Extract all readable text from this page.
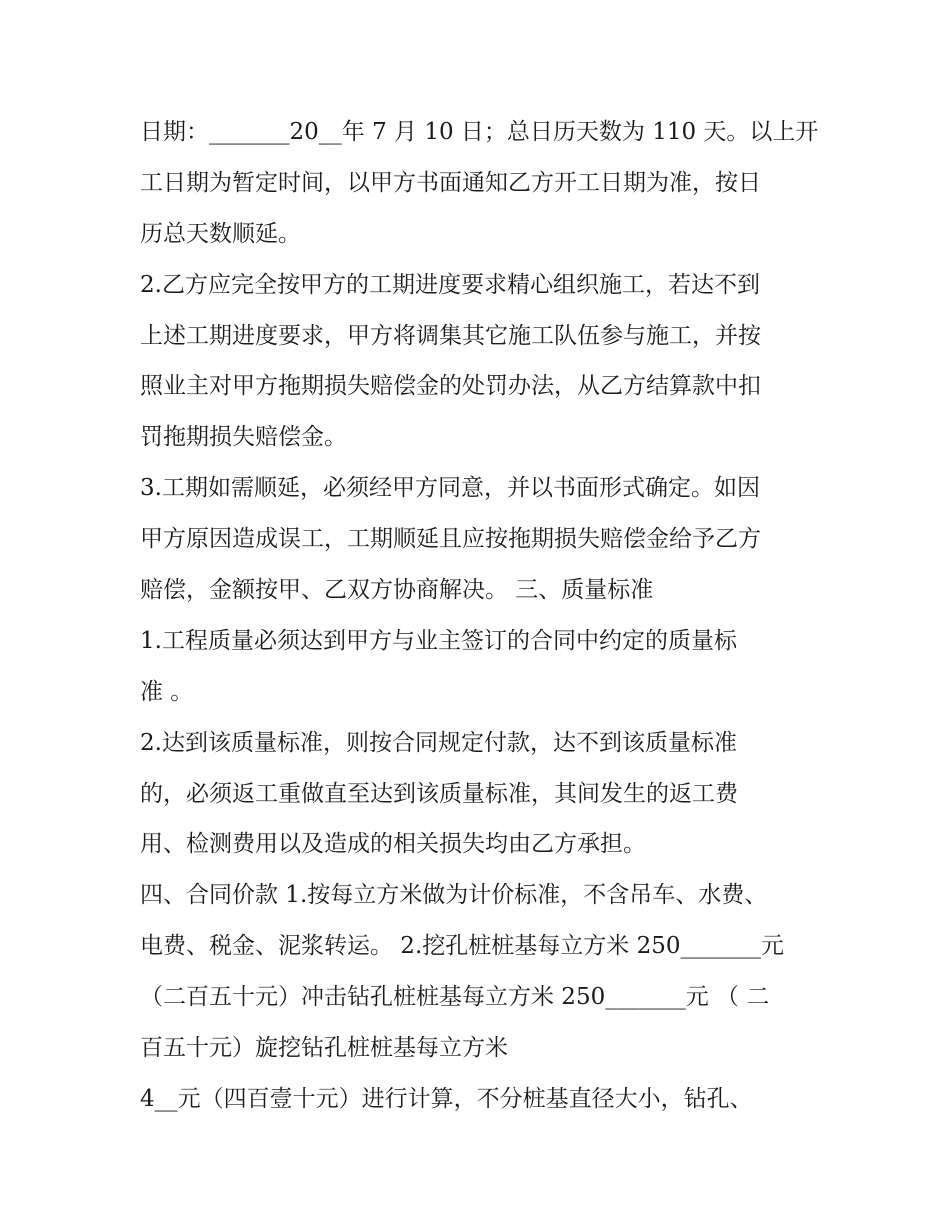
日期：_______20__年 7 月 10 日；总日历天数为 110 天。以上开
工日期为暂定时间，以甲方书面通知乙方开工日期为准，按日
历总天数顺延。
2.乙方应完全按甲方的工期进度要求精心组织施工，若达不到
上述工期进度要求，甲方将调集其它施工队伍参与施工，并按
照业主对甲方拖期损失赔偿金的处罚办法，从乙方结算款中扣
罚拖期损失赔偿金。
3.工期如需顺延，必须经甲方同意，并以书面形式确定。如因
甲方原因造成误工，工期顺延且应按拖期损失赔偿金给予乙方
赔偿，金额按甲、乙双方协商解决。 三、质量标准
1.工程质量必须达到甲方与业主签订的合同中约定的质量标
准 。
2.达到该质量标准，则按合同规定付款，达不到该质量标准
的，必须返工重做直至达到该质量标准，其间发生的返工费
用、检测费用以及造成的相关损失均由乙方承担。
四、合同价款 1.按每立方米做为计价标准，不含吊车、水费、
电费、税金、泥浆转运。 2.挖孔桩桩基每立方米 250_______元
（二百五十元）冲击钻孔桩桩基每立方米 250_______元 （ 二
百五十元）旋挖钻孔桩桩基每立方米
4__元（四百壹十元）进行计算，不分桩基直径大小，钻孔、
